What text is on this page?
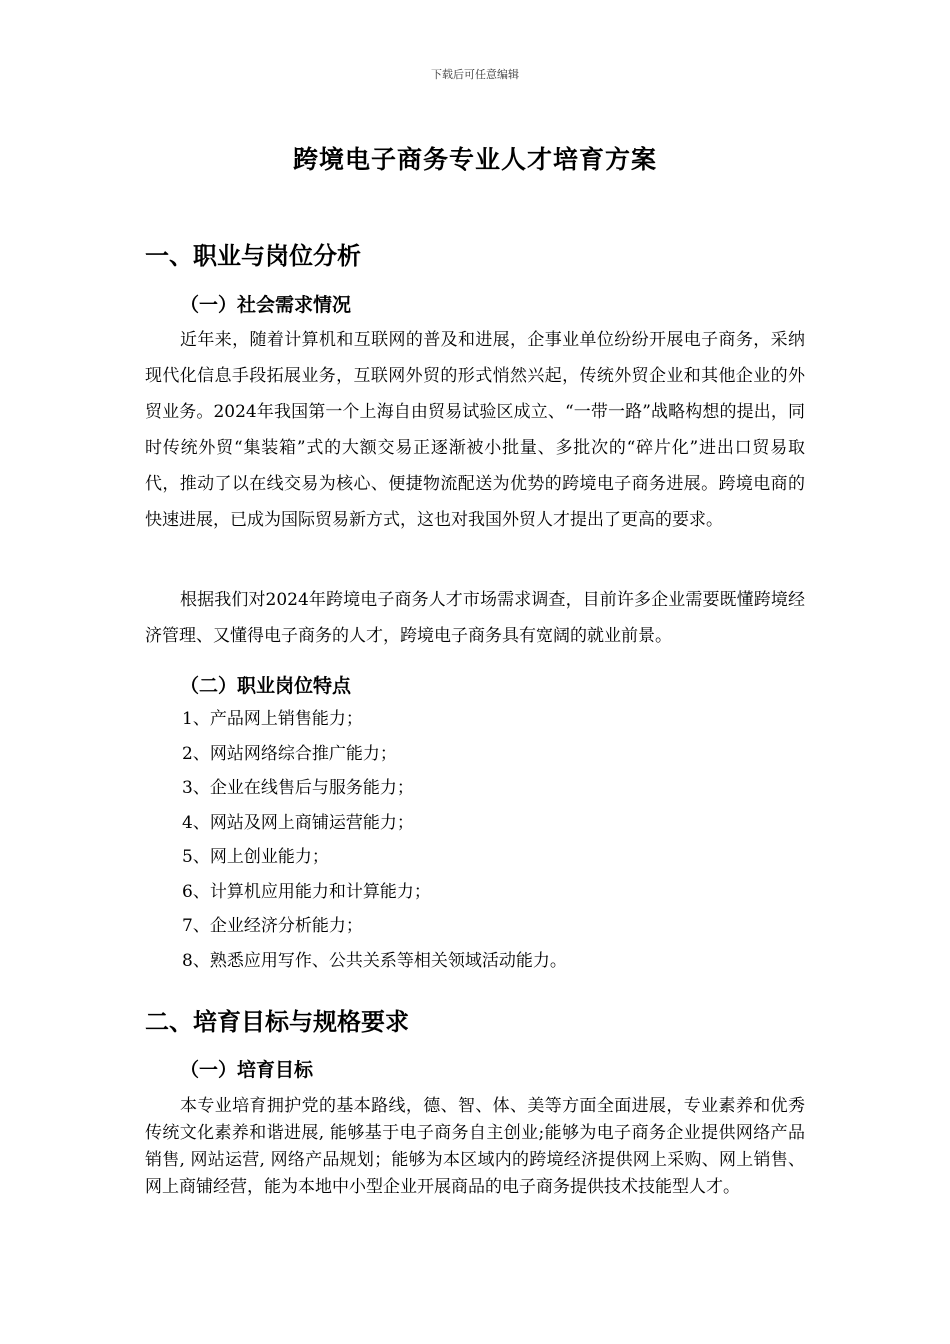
下载后可任意编辑
跨境电子商务专业人才培育方案
一、职业与岗位分析
（一）社会需求情况

近年来，随着计算机和互联网的普及和进展，企事业单位纷纷开展电子商务，采纳现代化信息手段拓展业务，互联网外贸的形式悄然兴起，传统外贸企业和其他企业的外贸业务。2024年我国第一个上海自由贸易试验区成立、“一带一路”战略构想的提出，同时传统外贸“集装箱”式的大额交易正逐渐被小批量、多批次的“碎片化”进出口贸易取代，推动了以在线交易为核心、便捷物流配送为优势的跨境电子商务进展。跨境电商的快速进展，已成为国际贸易新方式，这也对我国外贸人才提出了更高的要求。

根据我们对2024年跨境电子商务人才市场需求调查，目前许多企业需要既懂跨境经济管理、又懂得电子商务的人才，跨境电子商务具有宽阔的就业前景。

（二）职业岗位特点
1、产品网上销售能力；
2、网站网络综合推广能力；
3、企业在线售后与服务能力；
4、网站及网上商铺运营能力；
5、网上创业能力；
6、计算机应用能力和计算能力；
7、企业经济分析能力；
8、熟悉应用写作、公共关系等相关领域活动能力。
二、培育目标与规格要求
（一）培育目标

本专业培育拥护党的基本路线，德、智、体、美等方面全面进展，专业素养和优秀传统文化素养和谐进展, 能够基于电子商务自主创业;能够为电子商务企业提供网络产品销售, 网站运营, 网络产品规划；能够为本区域内的跨境经济提供网上采购、网上销售、网上商铺经营，能为本地中小型企业开展商品的电子商务提供技术技能型人才。
